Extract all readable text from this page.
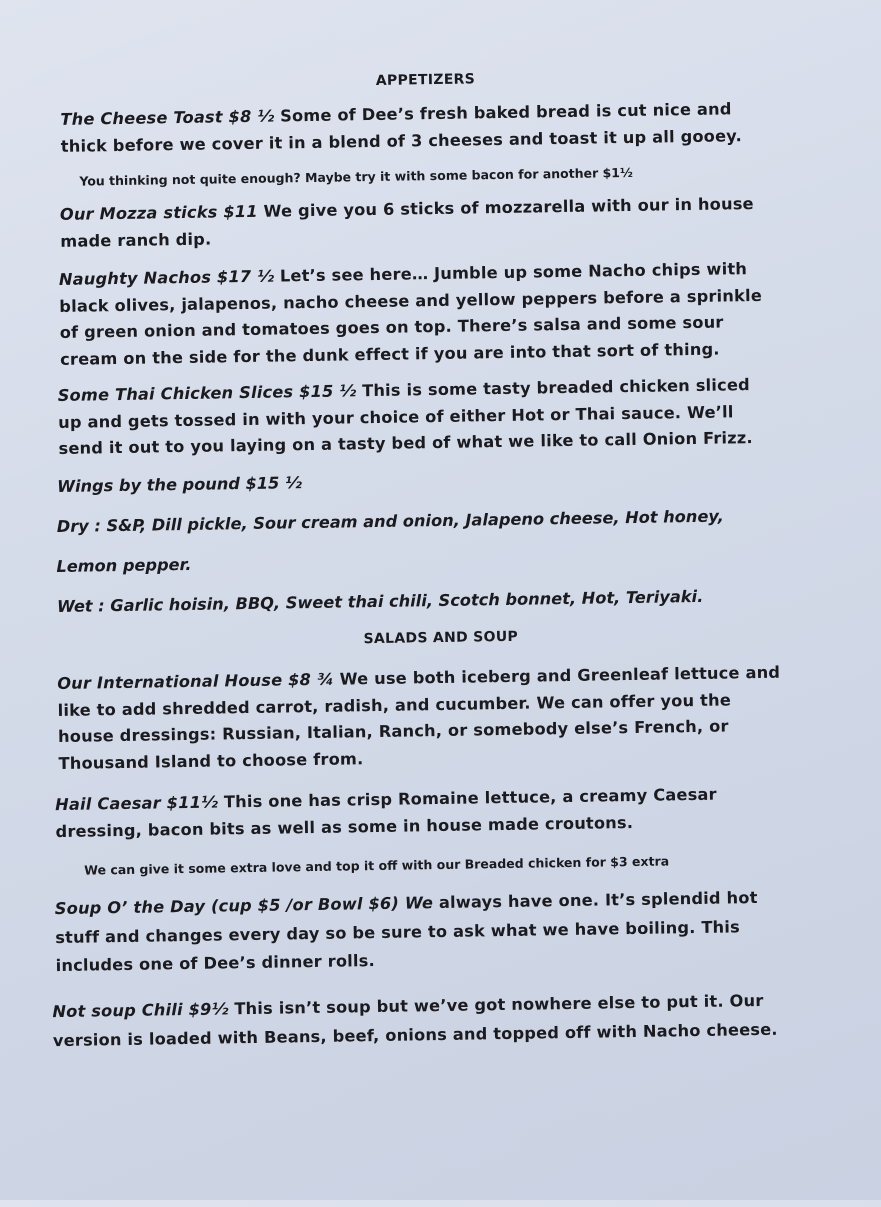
APPETIZERS
The Cheese Toast $8 ½ Some of Dee’s fresh baked bread is cut nice and
thick before we cover it in a blend of 3 cheeses and toast it up all gooey.
You thinking not quite enough? Maybe try it with some bacon for another $1½
Our Mozza sticks $11 We give you 6 sticks of mozzarella with our in house
made ranch dip.
Naughty Nachos $17 ½ Let’s see here… Jumble up some Nacho chips with
black olives, jalapenos, nacho cheese and yellow peppers before a sprinkle
of green onion and tomatoes goes on top. There’s salsa and some sour
cream on the side for the dunk effect if you are into that sort of thing.
Some Thai Chicken Slices $15 ½ This is some tasty breaded chicken sliced
up and gets tossed in with your choice of either Hot or Thai sauce. We’ll
send it out to you laying on a tasty bed of what we like to call Onion Frizz.
Wings by the pound $15 ½
Dry : S&P, Dill pickle, Sour cream and onion, Jalapeno cheese, Hot honey,
Lemon pepper.
Wet : Garlic hoisin, BBQ, Sweet thai chili, Scotch bonnet, Hot, Teriyaki.
SALADS AND SOUP
Our International House $8 ¾ We use both iceberg and Greenleaf lettuce and
like to add shredded carrot, radish, and cucumber. We can offer you the
house dressings: Russian, Italian, Ranch, or somebody else’s French, or
Thousand Island to choose from.
Hail Caesar $11½ This one has crisp Romaine lettuce, a creamy Caesar
dressing, bacon bits as well as some in house made croutons.
We can give it some extra love and top it off with our Breaded chicken for $3 extra
Soup O’ the Day (cup $5 /or Bowl $6) We always have one. It’s splendid hot
stuff and changes every day so be sure to ask what we have boiling. This
includes one of Dee’s dinner rolls.
Not soup Chili $9½ This isn’t soup but we’ve got nowhere else to put it. Our
version is loaded with Beans, beef, onions and topped off with Nacho cheese.
